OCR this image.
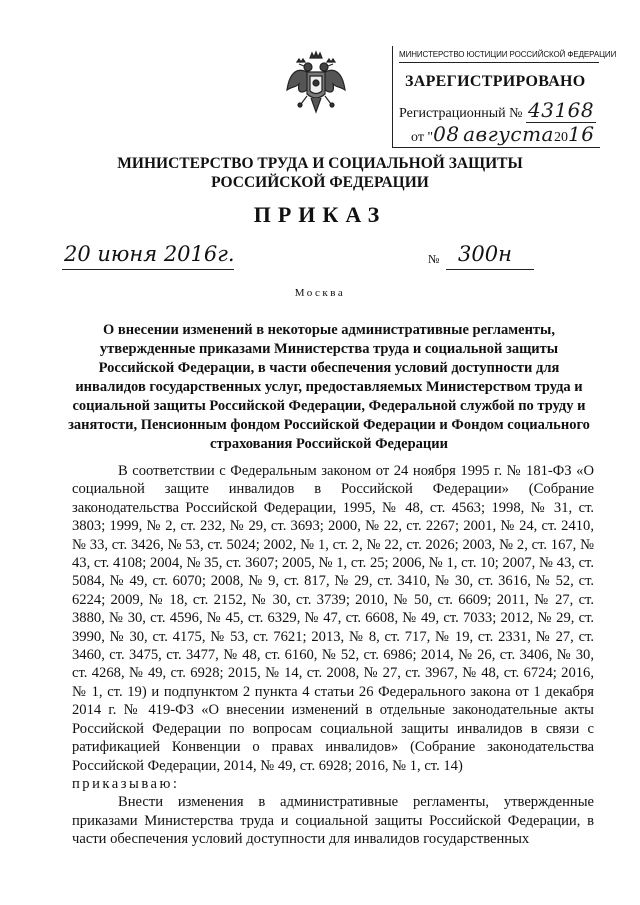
МИНИСТЕРСТВО ЮСТИЦИИ РОССИЙСКОЙ ФЕДЕРАЦИИ
ЗАРЕГИСТРИРОВАНО
Регистрационный № 43168
от "08 августа2016
МИНИСТЕРСТВО ТРУДА И СОЦИАЛЬНОЙ ЗАЩИТЫ
РОССИЙСКОЙ ФЕДЕРАЦИИ
ПРИКАЗ
20 июня 2016г.	№ 300н
Москва
О внесении изменений в некоторые административные регламенты, утвержденные приказами Министерства труда и социальной защиты Российской Федерации, в части обеспечения условий доступности для инвалидов государственных услуг, предоставляемых Министерством труда и социальной защиты Российской Федерации, Федеральной службой по труду и занятости, Пенсионным фондом Российской Федерации и Фондом социального страхования Российской Федерации

В соответствии с Федеральным законом от 24 ноября 1995 г. № 181-ФЗ «О социальной защите инвалидов в Российской Федерации» (Собрание законодательства Российской Федерации, 1995, № 48, ст. 4563; 1998, № 31, ст. 3803; 1999, № 2, ст. 232, № 29, ст. 3693; 2000, № 22, ст. 2267; 2001, № 24, ст. 2410, № 33, ст. 3426, № 53, ст. 5024; 2002, № 1, ст. 2, № 22, ст. 2026; 2003, № 2, ст. 167, № 43, ст. 4108; 2004, № 35, ст. 3607; 2005, № 1, ст. 25; 2006, № 1, ст. 10; 2007, № 43, ст. 5084, № 49, ст. 6070; 2008, № 9, ст. 817, № 29, ст. 3410, № 30, ст. 3616, № 52, ст. 6224; 2009, № 18, ст. 2152, № 30, ст. 3739; 2010, № 50, ст. 6609; 2011, № 27, ст. 3880, № 30, ст. 4596, № 45, ст. 6329, № 47, ст. 6608, № 49, ст. 7033; 2012, № 29, ст. 3990, № 30, ст. 4175, № 53, ст. 7621; 2013, № 8, ст. 717, № 19, ст. 2331, № 27, ст. 3460, ст. 3475, ст. 3477, № 48, ст. 6160, № 52, ст. 6986; 2014, № 26, ст. 3406, № 30, ст. 4268, № 49, ст. 6928; 2015, № 14, ст. 2008, № 27, ст. 3967, № 48, ст. 6724; 2016, № 1, ст. 19) и подпунктом 2 пункта 4 статьи 26 Федерального закона от 1 декабря 2014 г. № 419-ФЗ «О внесении изменений в отдельные законодательные акты Российской Федерации по вопросам социальной защиты инвалидов в связи с ратификацией Конвенции о правах инвалидов» (Собрание законодательства Российской Федерации, 2014, № 49, ст. 6928; 2016, № 1, ст. 14)

приказываю:

Внести изменения в административные регламенты, утвержденные приказами Министерства труда и социальной защиты Российской Федерации, в части обеспечения условий доступности для инвалидов государственных
